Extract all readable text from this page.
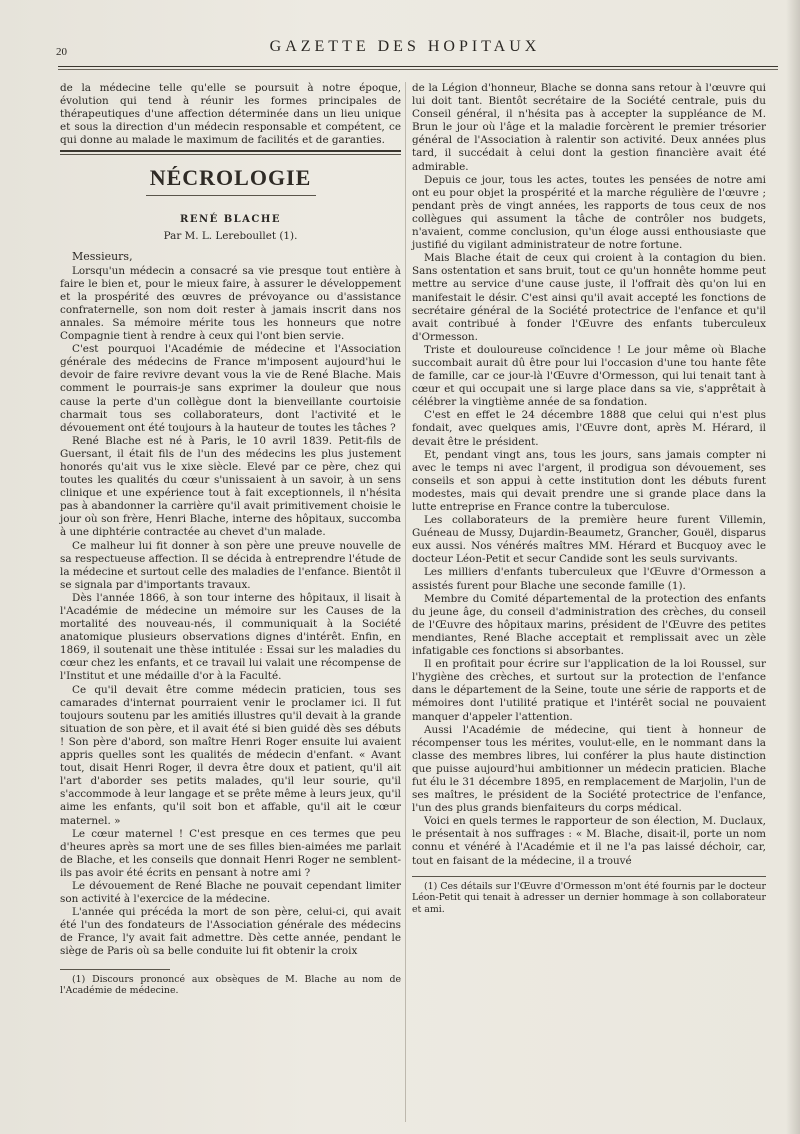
20	GAZETTE DES HOPITAUX

de la médecine telle qu'elle se poursuit à notre époque, évolution qui tend à réunir les formes principales de thérapeutiques d'une affection déterminée dans un lieu unique et sous la direction d'un médecin responsable et compétent, ce qui donne au malade le maximum de facilités et de garanties.

NÉCROLOGIE
RENÉ BLACHE
Par M. L. Lereboullet (1).

Messieurs,

Lorsqu'un médecin a consacré sa vie presque tout entière à faire le bien et, pour le mieux faire, à assurer le développement et la prospérité des œuvres de prévoyance ou d'assistance confraternelle, son nom doit rester à jamais inscrit dans nos annales. Sa mémoire mérite tous les honneurs que notre Compagnie tient à rendre à ceux qui l'ont bien servie.

C'est pourquoi l'Académie de médecine et l'Association générale des médecins de France m'imposent aujourd'hui le devoir de faire revivre devant vous la vie de René Blache. Mais comment le pourrais-je sans exprimer la douleur que nous cause la perte d'un collègue dont la bienveillante courtoisie charmait tous ses collaborateurs, dont l'activité et le dévouement ont été toujours à la hauteur de toutes les tâches ?

René Blache est né à Paris, le 10 avril 1839. Petit-fils de Guersant, il était fils de l'un des médecins les plus justement honorés qu'ait vus le xixe siècle. Elevé par ce père, chez qui toutes les qualités du cœur s'unissaient à un savoir, à un sens clinique et une expérience tout à fait exceptionnels, il n'hésita pas à abandonner la carrière qu'il avait primitivement choisie le jour où son frère, Henri Blache, interne des hôpitaux, succomba à une diphtérie contractée au chevet d'un malade.

Ce malheur lui fit donner à son père une preuve nouvelle de sa respectueuse affection. Il se décida à entreprendre l'étude de la médecine et surtout celle des maladies de l'enfance. Bientôt il se signala par d'importants travaux.

Dès l'année 1866, à son tour interne des hôpitaux, il lisait à l'Académie de médecine un mémoire sur les Causes de la mortalité des nouveau-nés, il communiquait à la Société anatomique plusieurs observations dignes d'intérêt. Enfin, en 1869, il soutenait une thèse intitulée : Essai sur les maladies du cœur chez les enfants, et ce travail lui valait une récompense de l'Institut et une médaille d'or à la Faculté.

Ce qu'il devait être comme médecin praticien, tous ses camarades d'internat pourraient venir le proclamer ici. Il fut toujours soutenu par les amitiés illustres qu'il devait à la grande situation de son père, et il avait été si bien guidé dès ses débuts ! Son père d'abord, son maître Henri Roger ensuite lui avaient appris quelles sont les qualités de médecin d'enfant. « Avant tout, disait Henri Roger, il devra être doux et patient, qu'il ait l'art d'aborder ses petits malades, qu'il leur sourie, qu'il s'accommode à leur langage et se prête même à leurs jeux, qu'il aime les enfants, qu'il soit bon et affable, qu'il ait le cœur maternel. »

Le cœur maternel ! C'est presque en ces termes que peu d'heures après sa mort une de ses filles bien-aimées me parlait de Blache, et les conseils que donnait Henri Roger ne semblent-ils pas avoir été écrits en pensant à notre ami ?

Le dévouement de René Blache ne pouvait cependant limiter son activité à l'exercice de la médecine.

L'année qui précéda la mort de son père, celui-ci, qui avait été l'un des fondateurs de l'Association générale des médecins de France, l'y avait fait admettre. Dès cette année, pendant le siège de Paris où sa belle conduite lui fit obtenir la croix

(1) Discours prononcé aux obsèques de M. Blache au nom de l'Académie de médecine.

de la Légion d'honneur, Blache se donna sans retour à l'œuvre qui lui doit tant. Bientôt secrétaire de la Société centrale, puis du Conseil général, il n'hésita pas à accepter la suppléance de M. Brun le jour où l'âge et la maladie forcèrent le premier trésorier général de l'Association à ralentir son activité. Deux années plus tard, il succédait à celui dont la gestion financière avait été admirable.

Depuis ce jour, tous les actes, toutes les pensées de notre ami ont eu pour objet la prospérité et la marche régulière de l'œuvre ; pendant près de vingt années, les rapports de tous ceux de nos collègues qui assument la tâche de contrôler nos budgets, n'avaient, comme conclusion, qu'un éloge aussi enthousiaste que justifié du vigilant administrateur de notre fortune.

Mais Blache était de ceux qui croient à la contagion du bien. Sans ostentation et sans bruit, tout ce qu'un honnête homme peut mettre au service d'une cause juste, il l'offrait dès qu'on lui en manifestait le désir. C'est ainsi qu'il avait accepté les fonctions de secrétaire général de la Société protectrice de l'enfance et qu'il avait contribué à fonder l'Œuvre des enfants tuberculeux d'Ormesson.

Triste et douloureuse coïncidence ! Le jour même où Blache succombait aurait dû être pour lui l'occasion d'une tou hante fête de famille, car ce jour-là l'Œuvre d'Ormesson, qui lui tenait tant à cœur et qui occupait une si large place dans sa vie, s'apprêtait à célébrer la vingtième année de sa fondation.

C'est en effet le 24 décembre 1888 que celui qui n'est plus fondait, avec quelques amis, l'Œuvre dont, après M. Hérard, il devait être le président.

Et, pendant vingt ans, tous les jours, sans jamais compter ni avec le temps ni avec l'argent, il prodigua son dévouement, ses conseils et son appui à cette institution dont les débuts furent modestes, mais qui devait prendre une si grande place dans la lutte entreprise en France contre la tuberculose.

Les collaborateurs de la première heure furent Villemin, Guéneau de Mussy, Dujardin-Beaumetz, Grancher, Gouël, disparus eux aussi. Nos vénérés maîtres MM. Hérard et Bucquoy avec le docteur Léon-Petit et secur Candide sont les seuls survivants.

Les milliers d'enfants tuberculeux que l'Œuvre d'Ormesson a assistés furent pour Blache une seconde famille (1).

Membre du Comité départemental de la protection des enfants du jeune âge, du conseil d'administration des crèches, du conseil de l'Œuvre des hôpitaux marins, président de l'Œuvre des petites mendiantes, René Blache acceptait et remplissait avec un zèle infatigable ces fonctions si absorbantes.

Il en profitait pour écrire sur l'application de la loi Roussel, sur l'hygiène des crèches, et surtout sur la protection de l'enfance dans le département de la Seine, toute une série de rapports et de mémoires dont l'utilité pratique et l'intérêt social ne pouvaient manquer d'appeler l'attention.

Aussi l'Académie de médecine, qui tient à honneur de récompenser tous les mérites, voulut-elle, en le nommant dans la classe des membres libres, lui conférer la plus haute distinction que puisse aujourd'hui ambitionner un médecin praticien. Blache fut élu le 31 décembre 1895, en remplacement de Marjolin, l'un de ses maîtres, le président de la Société protectrice de l'enfance, l'un des plus grands bienfaiteurs du corps médical.

Voici en quels termes le rapporteur de son élection, M. Duclaux, le présentait à nos suffrages : « M. Blache, disait-il, porte un nom connu et vénéré à l'Académie et il ne l'a pas laissé déchoir, car, tout en faisant de la médecine, il a trouvé

(1) Ces détails sur l'Œuvre d'Ormesson m'ont été fournis par le docteur Léon-Petit qui tenait à adresser un dernier hommage à son collaborateur et ami.
